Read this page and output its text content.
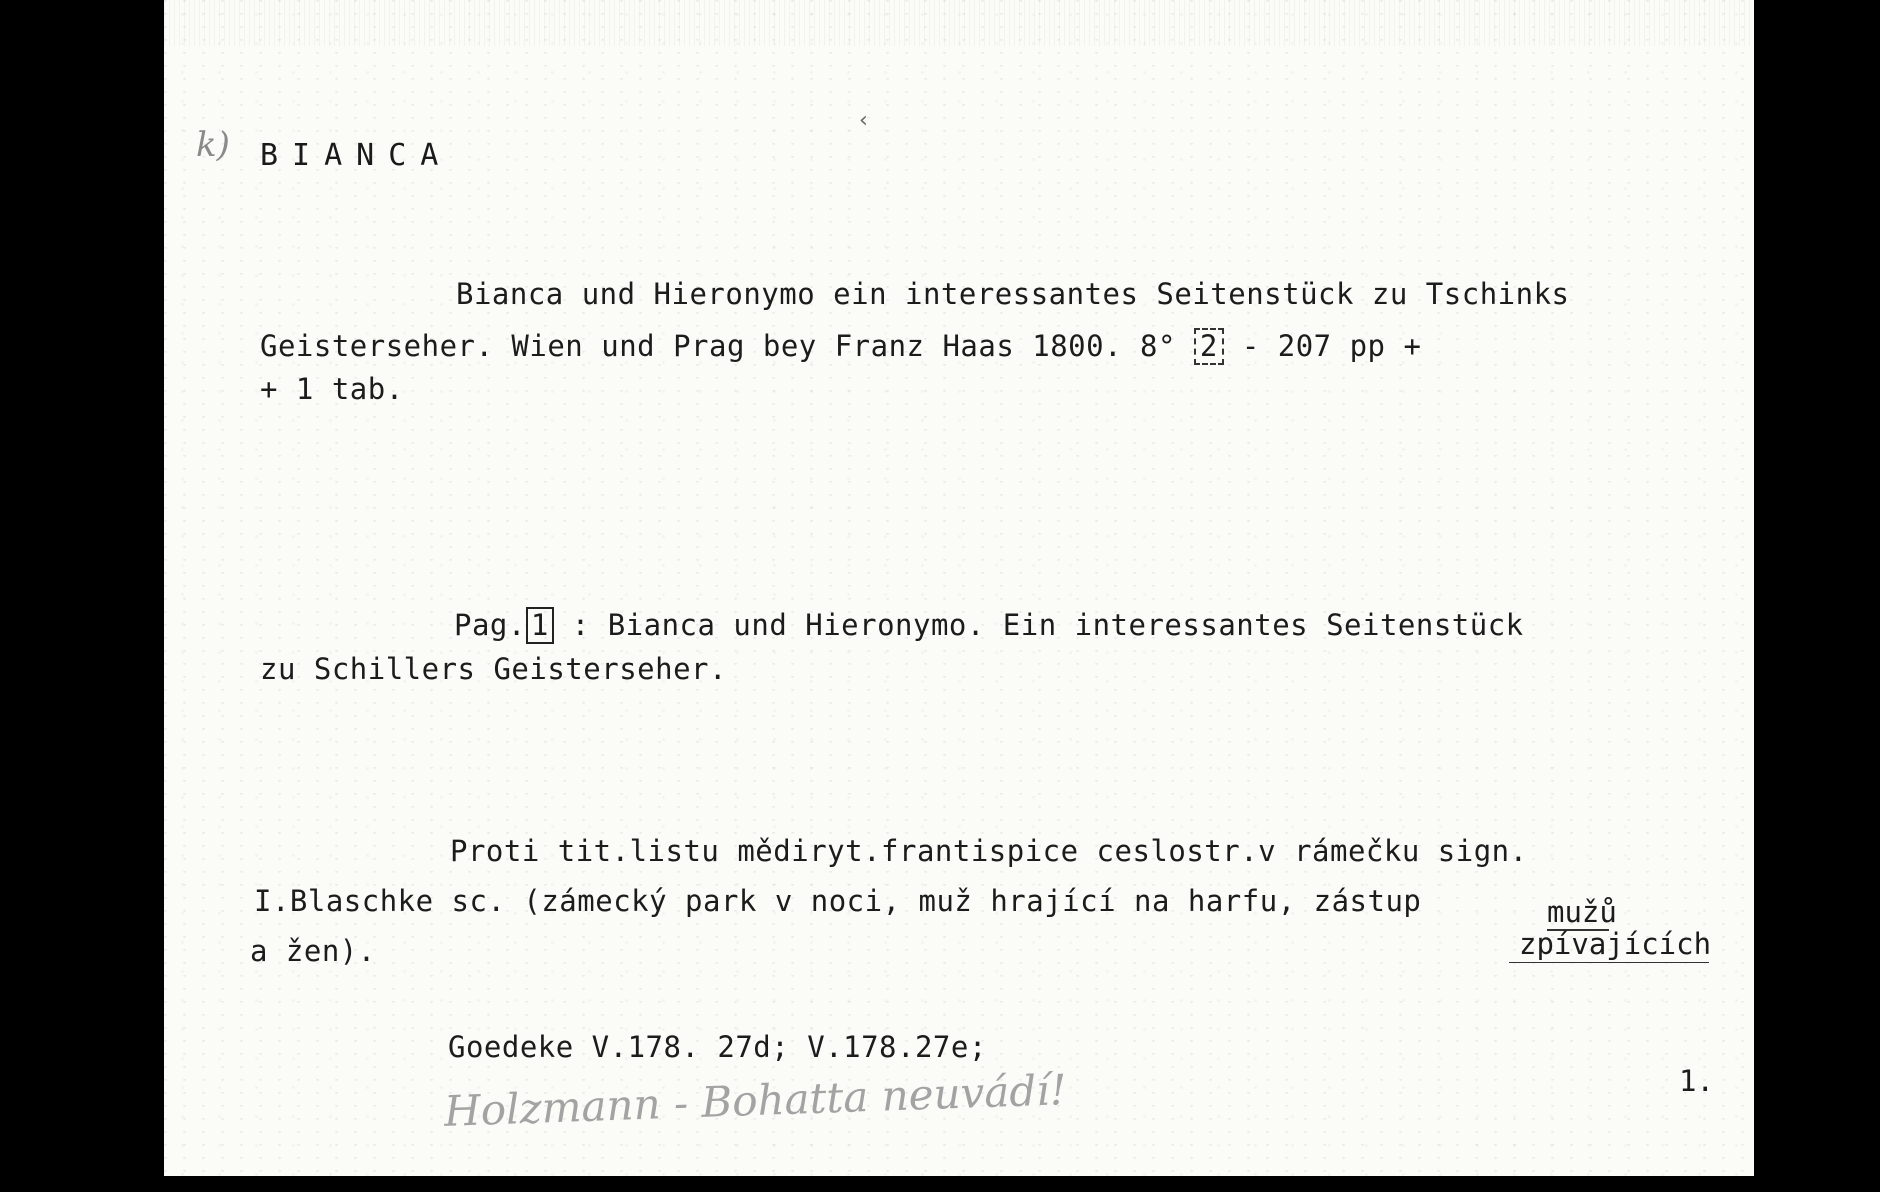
‹
k) BIANCA
Bianca und Hieronymo ein interessantes Seitenstück zu Tschinks
Geisterseher. Wien und Prag bey Franz Haas 1800. 8° 2 - 207 pp +
+ 1 tab.
Pag. 1 : Bianca und Hieronymo. Ein interessantes Seitenstück
zu Schillers Geisterseher.
Proti tit.listu mědiryt.frantispice ceslostr.v rámečku sign.
I.Blaschke sc. (zámecký park v noci, muž hrající na harfu, zástup	mužů
zpívajících
a žen).
Goedeke V.178. 27d; V.178.27e;
Holzmann - Bohatta neuvádí!	1.
